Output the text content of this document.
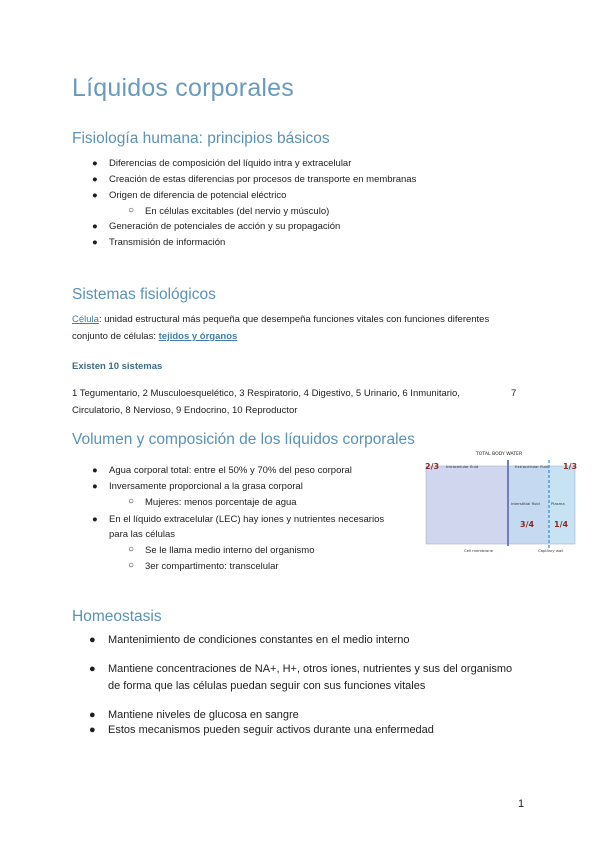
Líquidos corporales
Fisiología humana: principios básicos
● Diferencias de composición del líquido intra y extracelular
● Creación de estas diferencias por procesos de transporte en membranas
● Origen de diferencia de potencial eléctrico
○ En células excitables (del nervio y músculo)
● Generación de potenciales de acción y su propagación
● Transmisión de información
Sistemas fisiológicos
Célula: unidad estructural más pequeña que desempeña funciones vitales con funciones diferentes
conjunto de células: tejidos y órganos
Existen 10 sistemas
1 Tegumentario, 2 Musculoesquelético, 3 Respiratorio, 4 Digestivo, 5 Urinario, 6 Inmunitario,	7

Circulatorio, 8 Nervioso, 9 Endocrino, 10 Reproductor
Volumen y composición de los líquidos corporales
● Agua corporal total: entre el 50% y 70% del peso corporal
● Inversamente proporcional a la grasa corporal
○ Mujeres: menos porcentaje de agua
● En el líquido extracelular (LEC) hay iones y nutrientes necesarios
para las células
○ Se le llama medio interno del organismo
○ 3er compartimento: transcelular
TOTAL BODY WATER
2/3 Intracellular fluid	Extracellular fluid 1/3
Interstitial fluid	Plasma
3/4 1/4
Cell membrane	Capillary wall
Homeostasis
● Mantenimiento de condiciones constantes en el medio interno
● Mantiene concentraciones de NA+, H+, otros iones, nutrientes y sus del organismo
de forma que las células puedan seguir con sus funciones vitales
● Mantiene niveles de glucosa en sangre
● Estos mecanismos pueden seguir activos durante una enfermedad
1
